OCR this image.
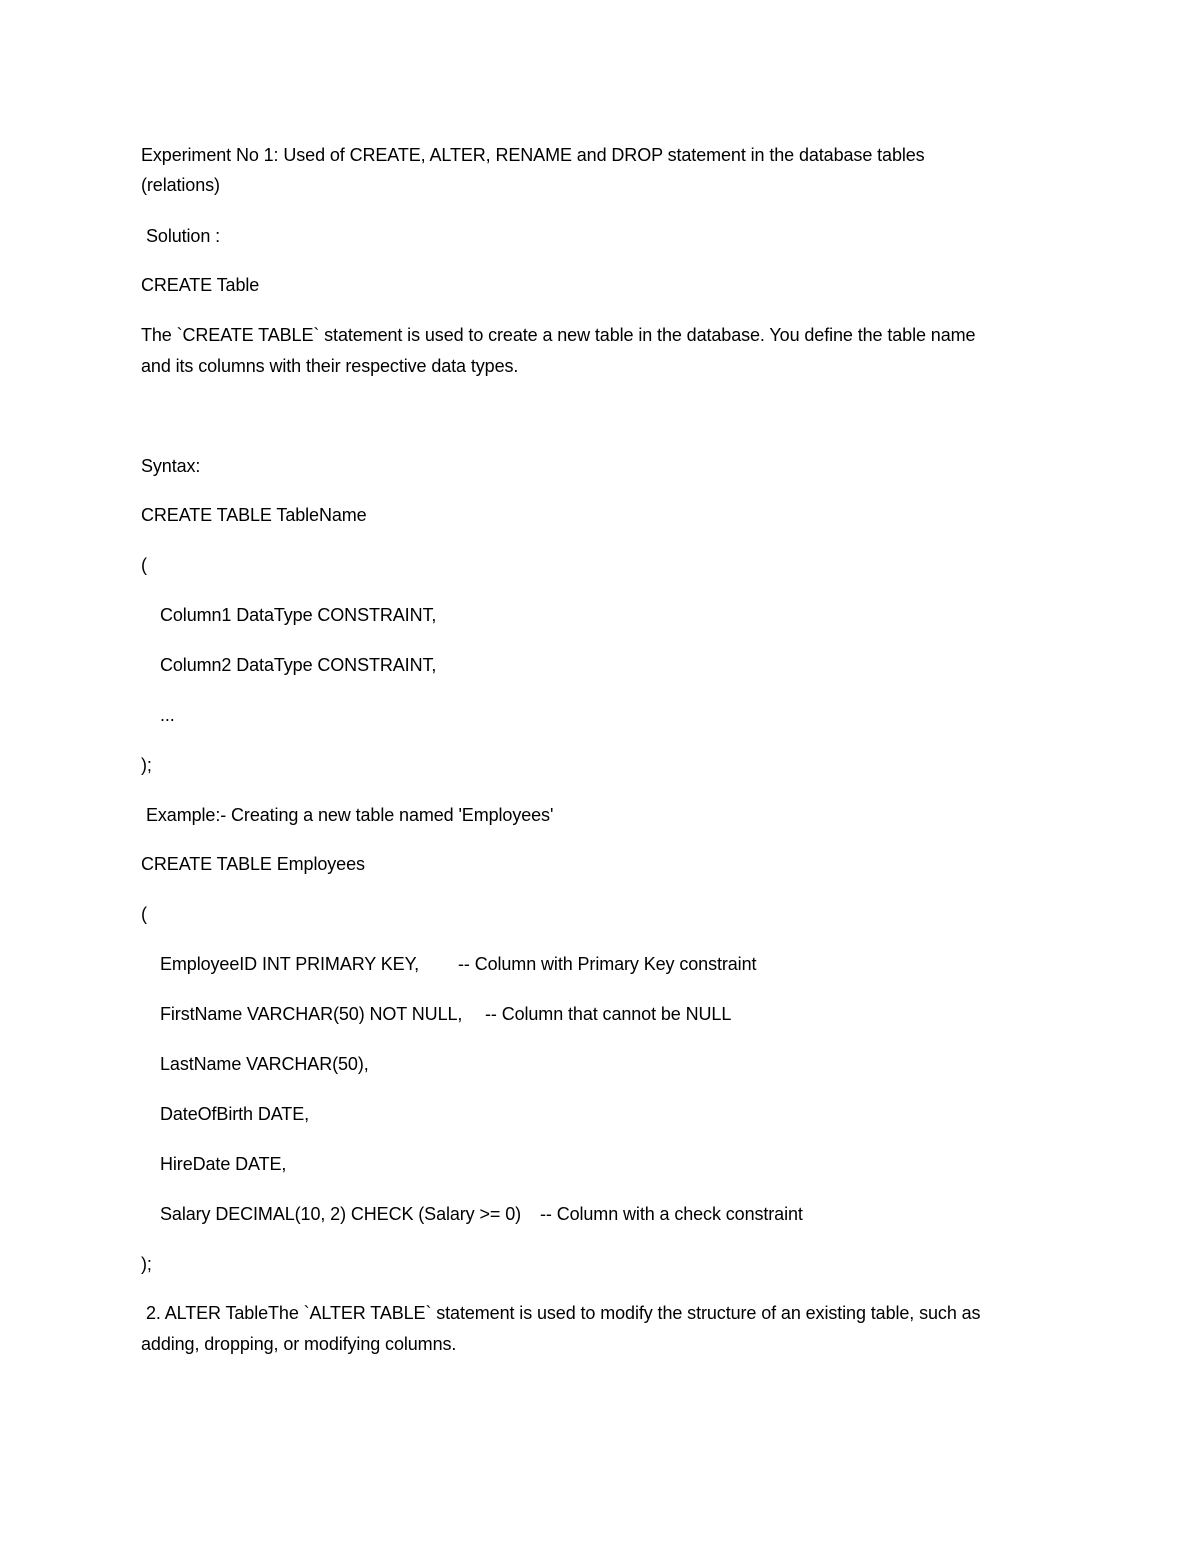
Experiment No 1: Used of CREATE, ALTER, RENAME and DROP statement in the database tables
(relations)
Solution :
CREATE Table
The `CREATE TABLE` statement is used to create a new table in the database. You define the table name
and its columns with their respective data types.
Syntax:
CREATE TABLE TableName
(
Column1 DataType CONSTRAINT,
Column2 DataType CONSTRAINT,
...
);
Example:- Creating a new table named 'Employees'
CREATE TABLE Employees
(
EmployeeID INT PRIMARY KEY, -- Column with Primary Key constraint
FirstName VARCHAR(50) NOT NULL, -- Column that cannot be NULL
LastName VARCHAR(50),
DateOfBirth DATE,
HireDate DATE,
Salary DECIMAL(10, 2) CHECK (Salary >= 0) -- Column with a check constraint
);
2. ALTER TableThe `ALTER TABLE` statement is used to modify the structure of an existing table, such as
adding, dropping, or modifying columns.
